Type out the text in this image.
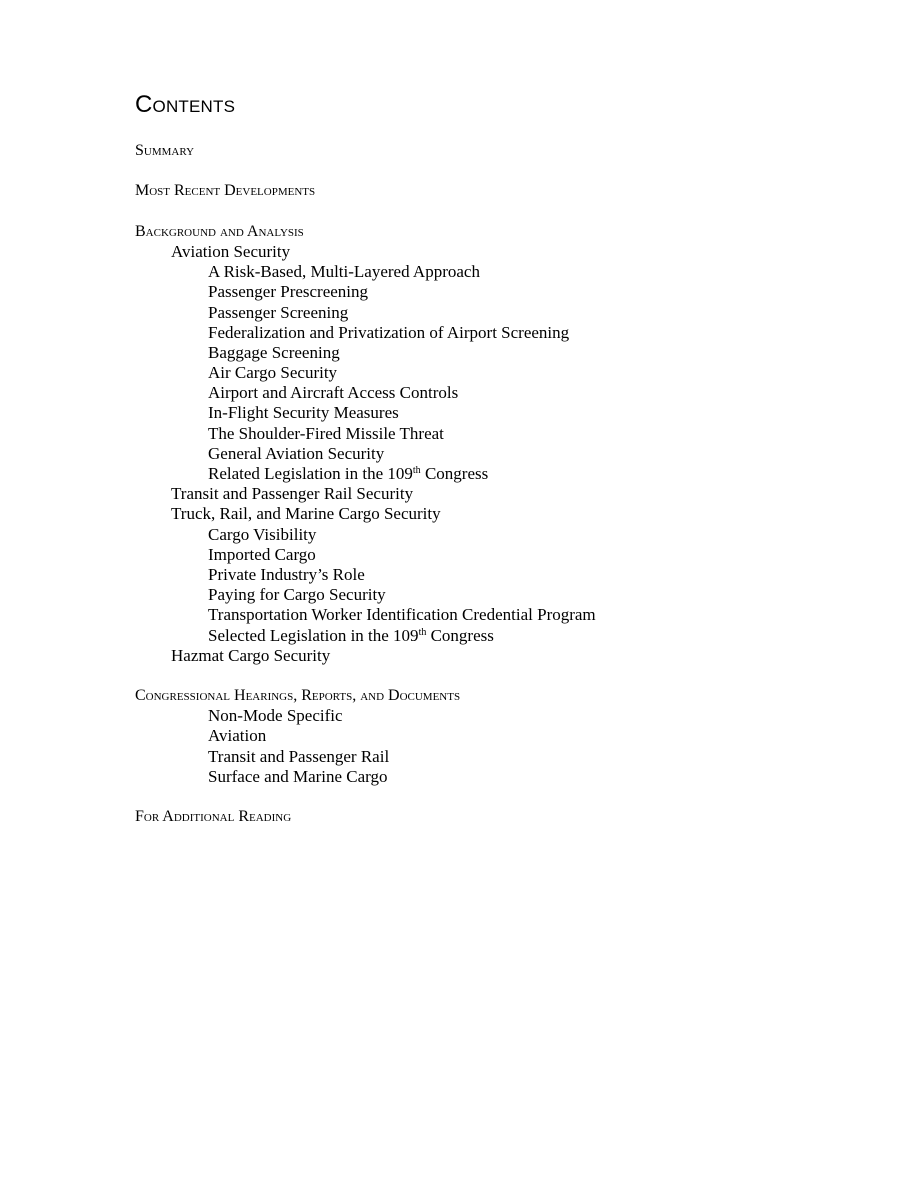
Contents
Summary
Most Recent Developments
Background and Analysis
Aviation Security
A Risk-Based, Multi-Layered Approach
Passenger Prescreening
Passenger Screening
Federalization and Privatization of Airport Screening
Baggage Screening
Air Cargo Security
Airport and Aircraft Access Controls
In-Flight Security Measures
The Shoulder-Fired Missile Threat
General Aviation Security
Related Legislation in the 109th Congress
Transit and Passenger Rail Security
Truck, Rail, and Marine Cargo Security
Cargo Visibility
Imported Cargo
Private Industry’s Role
Paying for Cargo Security
Transportation Worker Identification Credential Program
Selected Legislation in the 109th Congress
Hazmat Cargo Security
Congressional Hearings, Reports, and Documents
Non-Mode Specific
Aviation
Transit and Passenger Rail
Surface and Marine Cargo
For Additional Reading
